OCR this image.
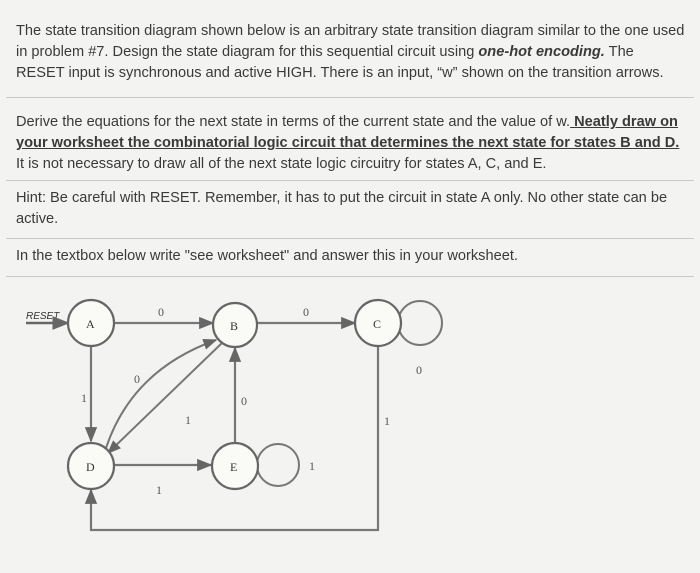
The state transition diagram shown below is an arbitrary state transition diagram similar to the one used in problem #7. Design the state diagram for this sequential circuit using one-hot encoding. The RESET input is synchronous and active HIGH. There is an input, “w” shown on the transition arrows.
Derive the equations for the next state in terms of the current state and the value of w. Neatly draw on your worksheet the combinatorial logic circuit that determines the next state for states B and D. It is not necessary to draw all of the next state logic circuitry for states A, C, and E.
Hint: Be careful with RESET. Remember, it has to put the circuit in state A only. No other state can be active.
In the textbox below write "see worksheet" and answer this in your worksheet.
RESET	0	0
0
1
0
1
0
1
1
1
A	B	C
D	E
